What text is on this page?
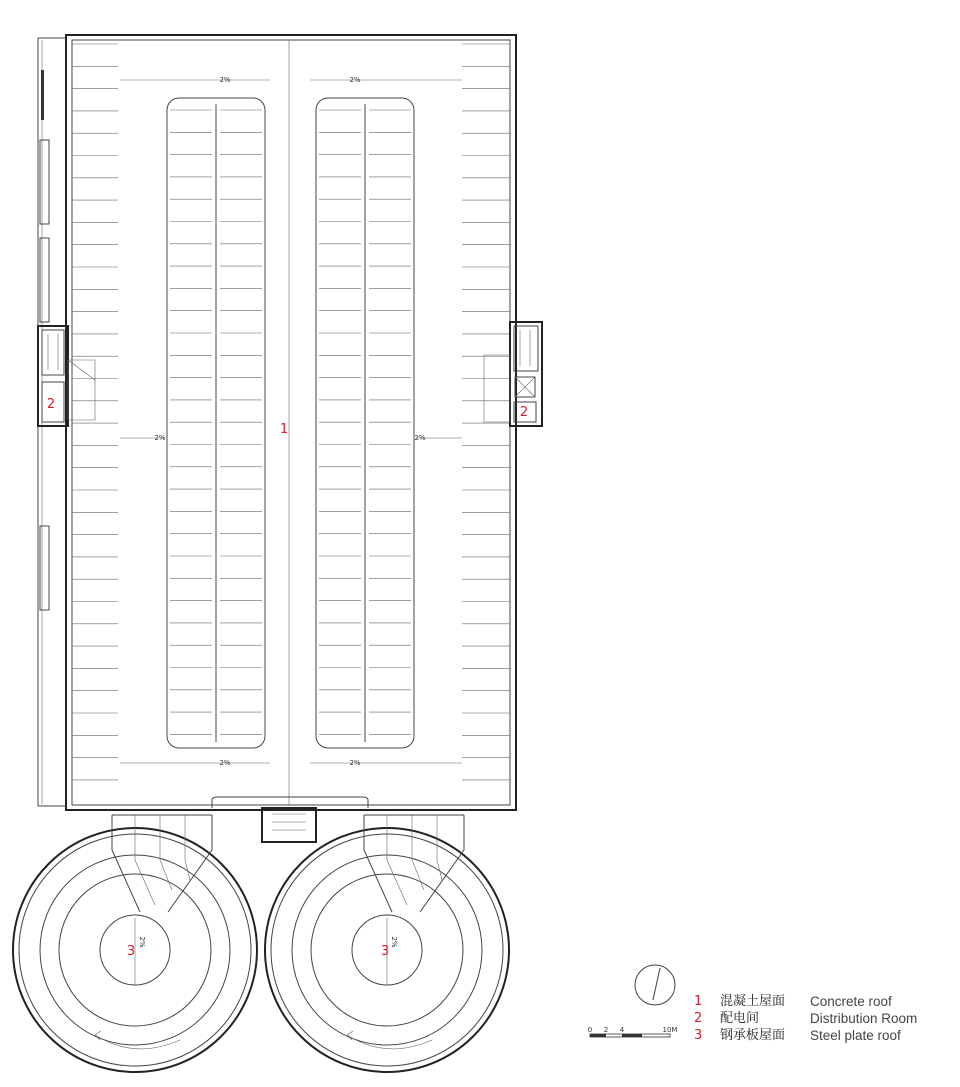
2%	2%
2%	2%
2%	2%
2%	2%
1
2
2
3	3
0 2 4	10M
1	混凝土屋面	Concrete roof
2	配电间	Distribution Room
3	钢承板屋面	Steel plate roof
